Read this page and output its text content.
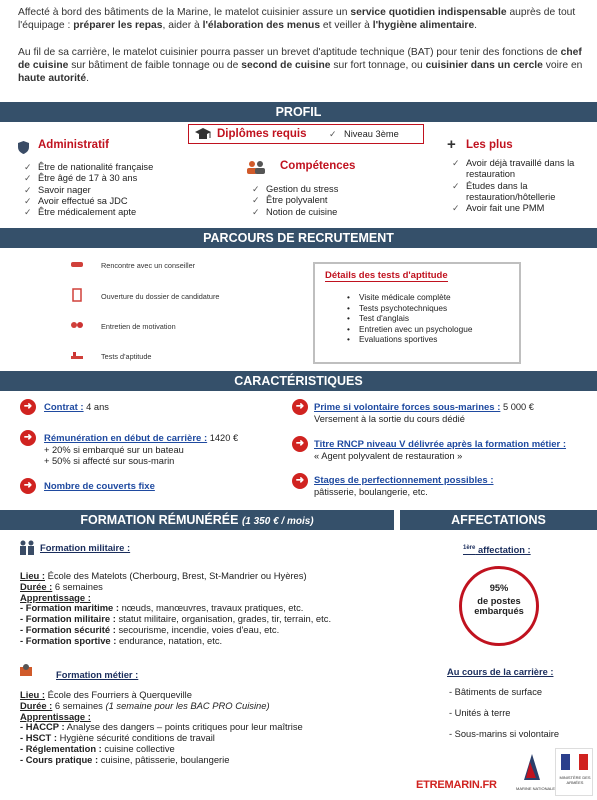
Affecté à bord des bâtiments de la Marine, le matelot cuisinier assure un service quotidien indispensable auprès de tout l'équipage : préparer les repas, aider à l'élaboration des menus et veiller à l'hygiène alimentaire.
Au fil de sa carrière, le matelot cuisinier pourra passer un brevet d'aptitude technique (BAT) pour tenir des fonctions de chef de cuisine sur bâtiment de faible tonnage ou de second de cuisine sur fort tonnage, ou cuisinier dans un cercle voire en haute autorité.
PROFIL
Diplômes requis	✓ Niveau 3ème
Administratif
✓ Être de nationalité française
✓ Être âgé de 17 à 30 ans
✓ Savoir nager
✓ Avoir effectué sa JDC
✓ Être médicalement apte
Compétences
✓ Gestion du stress
✓ Être polyvalent
✓ Notion de cuisine
+ Les plus
✓ Avoir déjà travaillé dans la restauration
✓ Études dans la restauration/hôtellerie
✓ Avoir fait une PMM
PARCOURS DE RECRUTEMENT
Rencontre avec un conseiller
Ouverture du dossier de candidature
Entretien de motivation
Tests d'aptitude
Détails des tests d'aptitude
• Visite médicale complète
• Tests psychotechniques
• Test d'anglais
• Entretien avec un psychologue
• Evaluations sportives
CARACTÉRISTIQUES
➜	Contrat : 4 ans
➜	Rémunération en début de carrière : 1420 €
+ 20% si embarqué sur un bateau
+ 50% si affecté sur sous-marin
➜	Nombre de couverts fixe
➜	Prime si volontaire forces sous-marines : 5 000 €
Versement à la sortie du cours dédié
➜	Titre RNCP niveau V délivrée après la formation métier :
« Agent polyvalent de restauration »
➜	Stages de perfectionnement possibles :
pâtisserie, boulangerie, etc.
FORMATION RÉMUNÉRÉE (1 350 € / mois)	AFFECTATIONS
Formation militaire :
Lieu : École des Matelots (Cherbourg, Brest, St-Mandrier ou Hyères)
Durée : 6 semaines
Apprentissage :
- Formation maritime : nœuds, manœuvres, travaux pratiques, etc.
- Formation militaire : statut militaire, organisation, grades, tir, terrain, etc.
- Formation sécurité : secourisme, incendie, voies d'eau, etc.
- Formation sportive : endurance, natation, etc.
Formation métier :
Lieu : École des Fourriers à Querqueville
Durée : 6 semaines (1 semaine pour les BAC PRO Cuisine)
Apprentissage :
- HACCP : Analyse des dangers – points critiques pour leur maîtrise
- HSCT : Hygiène sécurité conditions de travail
- Réglementation : cuisine collective
- Cours pratique : cuisine, pâtisserie, boulangerie
$^{1ère}$ affectation :
95%
de postes
embarqués
Au cours de la carrière :
- Bâtiments de surface
- Unités à terre
- Sous-marins si volontaire
ETREMARIN.FR	MARINE NATIONALE
MINISTÈRE DES ARMÉES
